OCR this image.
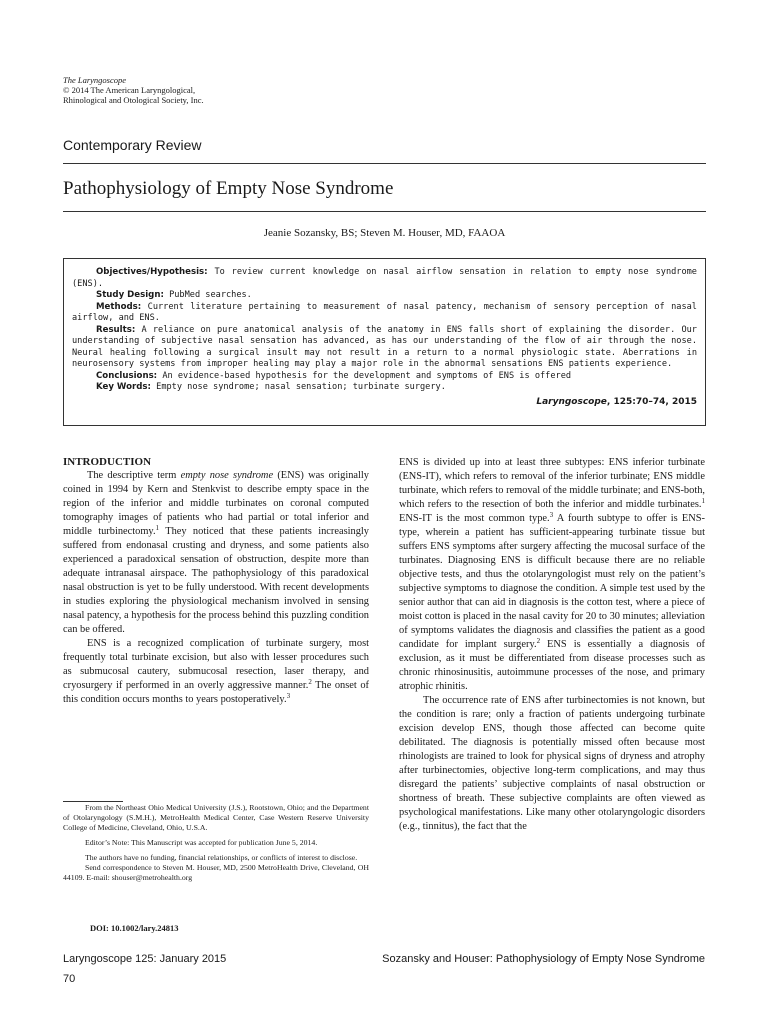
The Laryngoscope
© 2014 The American Laryngological,
Rhinological and Otological Society, Inc.
Contemporary Review
Pathophysiology of Empty Nose Syndrome
Jeanie Sozansky, BS; Steven M. Houser, MD, FAAOA

Objectives/Hypothesis: To review current knowledge on nasal airflow sensation in relation to empty nose syndrome (ENS).

Study Design: PubMed searches.

Methods: Current literature pertaining to measurement of nasal patency, mechanism of sensory perception of nasal airflow, and ENS.

Results: A reliance on pure anatomical analysis of the anatomy in ENS falls short of explaining the disorder. Our understanding of subjective nasal sensation has advanced, as has our understanding of the flow of air through the nose. Neural healing following a surgical insult may not result in a return to a normal physiologic state. Aberrations in neurosensory systems from improper healing may play a major role in the abnormal sensations ENS patients experience.

Conclusions: An evidence-based hypothesis for the development and symptoms of ENS is offered

Key Words: Empty nose syndrome; nasal sensation; turbinate surgery.

Laryngoscope, 125:70–74, 2015

INTRODUCTION

The descriptive term empty nose syndrome (ENS) was originally coined in 1994 by Kern and Stenkvist to describe empty space in the region of the inferior and middle turbinates on coronal computed tomography images of patients who had partial or total inferior and middle turbinectomy.$^1$ They noticed that these patients increasingly suffered from endonasal crusting and dryness, and some patients also experienced a paradoxical sensation of obstruction, despite more than adequate intranasal airspace. The pathophysiology of this paradoxical nasal obstruction is yet to be fully understood. With recent developments in studies exploring the physiological mechanism involved in sensing nasal patency, a hypothesis for the process behind this puzzling condition can be offered.

ENS is a recognized complication of turbinate surgery, most frequently total turbinate excision, but also with lesser procedures such as submucosal cautery, submucosal resection, laser therapy, and cryosurgery if performed in an overly aggressive manner.$^2$ The onset of this condition occurs months to years postoperatively.$^3$

From the Northeast Ohio Medical University (J.S.), Rootstown, Ohio; and the Department of Otolaryngology (S.M.H.), MetroHealth Medical Center, Case Western Reserve University College of Medicine, Cleveland, Ohio, U.S.A.

Editor’s Note: This Manuscript was accepted for publication June 5, 2014.

The authors have no funding, financial relationships, or conflicts of interest to disclose.

Send correspondence to Steven M. Houser, MD, 2500 MetroHealth Drive, Cleveland, OH 44109. E-mail: shouser@metrohealth.org

DOI: 10.1002/lary.24813

ENS is divided up into at least three subtypes: ENS inferior turbinate (ENS-IT), which refers to removal of the inferior turbinate; ENS middle turbinate, which refers to removal of the middle turbinate; and ENS-both, which refers to the resection of both the inferior and middle turbinates.$^1$ ENS-IT is the most common type.$^3$ A fourth subtype to offer is ENS-type, wherein a patient has sufficient-appearing turbinate tissue but suffers ENS symptoms after surgery affecting the mucosal surface of the turbinates. Diagnosing ENS is difficult because there are no reliable objective tests, and thus the otolaryngologist must rely on the patient’s subjective symptoms to diagnose the condition. A simple test used by the senior author that can aid in diagnosis is the cotton test, where a piece of moist cotton is placed in the nasal cavity for 20 to 30 minutes; alleviation of symptoms validates the diagnosis and classifies the patient as a good candidate for implant surgery.$^2$ ENS is essentially a diagnosis of exclusion, as it must be differentiated from disease processes such as chronic rhinosinusitis, autoimmune processes of the nose, and primary atrophic rhinitis.

The occurrence rate of ENS after turbinectomies is not known, but the condition is rare; only a fraction of patients undergoing turbinate excision develop ENS, though those affected can become quite debilitated. The diagnosis is potentially missed often because most rhinologists are trained to look for physical signs of dryness and atrophy after turbinectomies, objective long-term complications, and may thus disregard the patients’ subjective complaints of nasal obstruction or shortness of breath. These subjective complaints are often viewed as psychological manifestations. Like many other otolaryngologic disorders (e.g., tinnitus), the fact that the

Laryngoscope 125: January 2015	Sozansky and Houser: Pathophysiology of Empty Nose Syndrome
70
